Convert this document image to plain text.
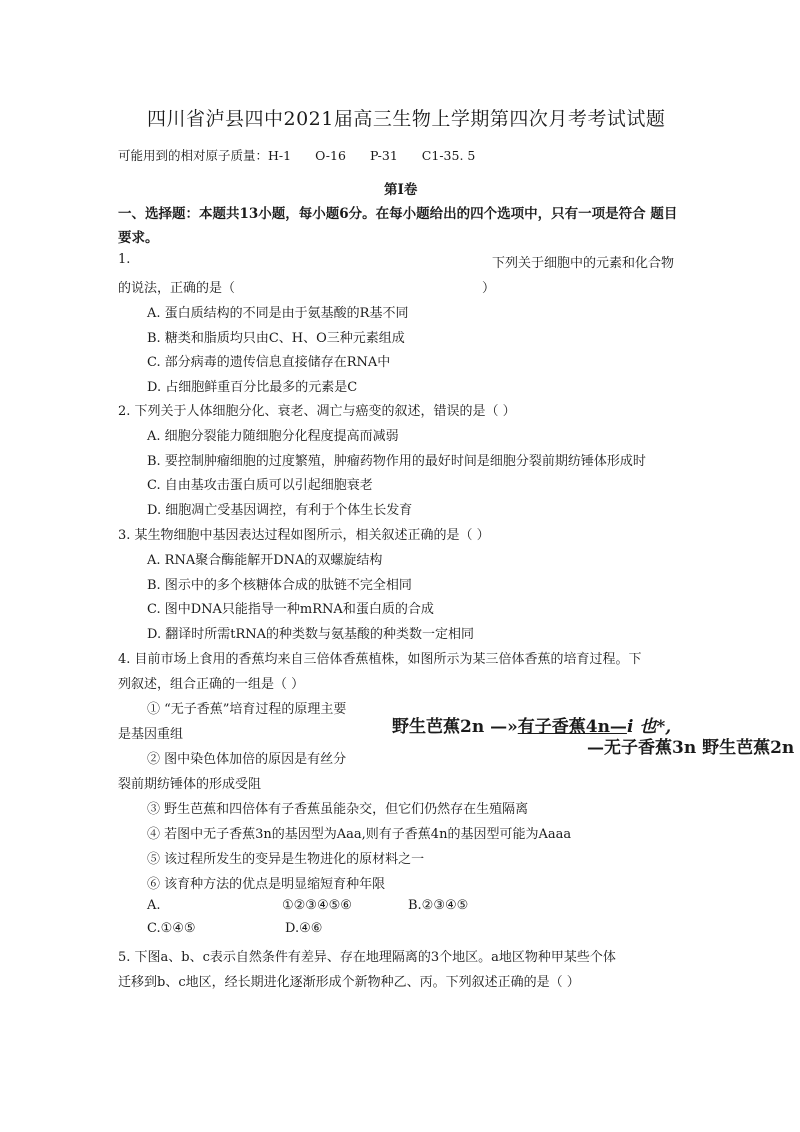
四川省泸县四中2021届高三生物上学期第四次月考考试试题
可能用到的相对原子质量：H-1 O-16 P-31 C1-35. 5
第I卷
一、选择题：本题共13小题，每小题6分。在每小题给出的四个选项中，只有一项是符合 题目
要求。
1.	下列关于细胞中的元素和化合物
的说法，正确的是（	）
A. 蛋白质结构的不同是由于氨基酸的R基不同
B. 糖类和脂质均只由C、H、O三种元素组成
C. 部分病毒的遗传信息直接储存在RNA中
D. 占细胞鲜重百分比最多的元素是C
2. 下列关于人体细胞分化、衰老、凋亡与癌变的叙述，错误的是（ ）
A. 细胞分裂能力随细胞分化程度提高而减弱
B. 要控制肿瘤细胞的过度繁殖，肿瘤药物作用的最好时间是细胞分裂前期纺锤体形成时
C. 自由基攻击蛋白质可以引起细胞衰老
D. 细胞凋亡受基因调控，有利于个体生长发育
3. 某生物细胞中基因表达过程如图所示，相关叙述正确的是（ ）
A. RNA聚合酶能解开DNA的双螺旋结构
B. 图示中的多个核糖体合成的肽链不完全相同
C. 图中DNA只能指导一种mRNA和蛋白质的合成
D. 翻译时所需tRNA的种类数与氨基酸的种类数一定相同
4. 目前市场上食用的香蕉均来自三倍体香蕉植株，如图所示为某三倍体香蕉的培育过程。下
列叙述，组合正确的一组是（ ）
① “无子香蕉”培育过程的原理主要
是基因重组
② 图中染色体加倍的原因是有丝分
裂前期纺锤体的形成受阻
野生芭蕉2n —»有子香蕉4n—i 也*,
—无子香蕉3n 野生芭蕉2n
③ 野生芭蕉和四倍体有子香蕉虽能杂交，但它们仍然存在生殖隔离
④ 若图中无子香蕉3n的基因型为Aaa,则有子香蕉4n的基因型可能为Aaaa
⑤ 该过程所发生的变异是生物进化的原材料之一
⑥ 该育种方法的优点是明显缩短育种年限
A.	①②③④⑤⑥	B.②③④⑤
C.①④⑤	D.④⑥
5. 下图a、b、c表示自然条件有差异、存在地理隔离的3个地区。a地区物种甲某些个体
迁移到b、c地区，经长期进化逐渐形成个新物种乙、丙。下列叙述正确的是（ ）
